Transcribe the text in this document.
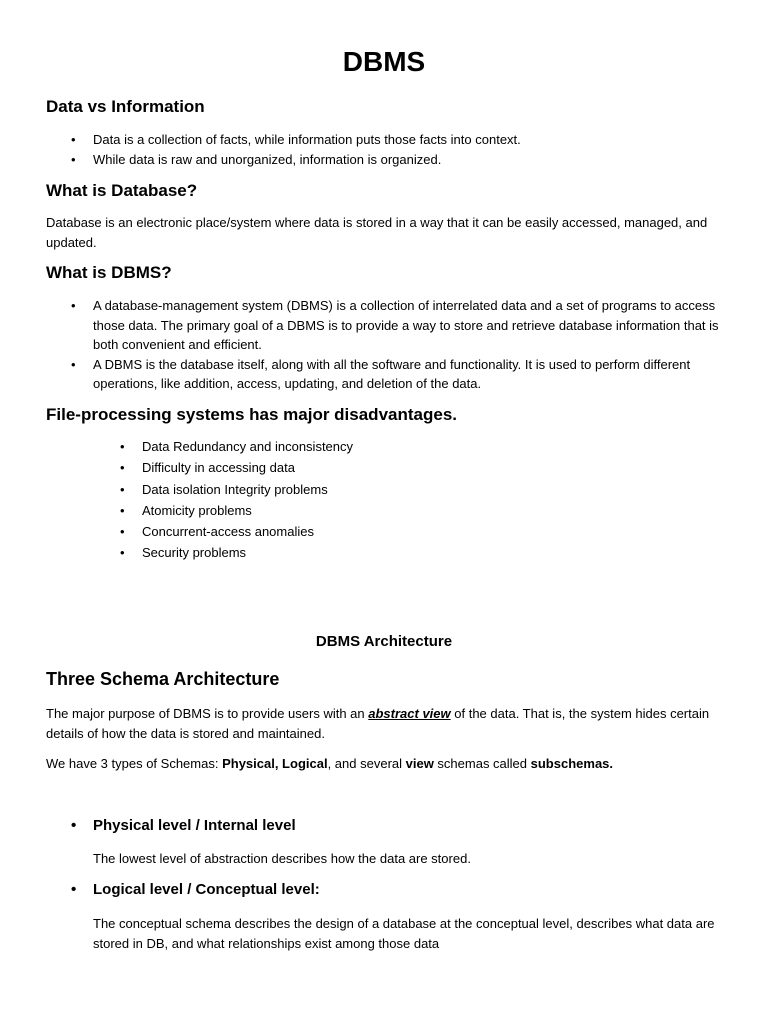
DBMS
Data vs Information
• Data is a collection of facts, while information puts those facts into context.
• While data is raw and unorganized, information is organized.
What is Database?

Database is an electronic place/system where data is stored in a way that it can be easily accessed, managed, and updated.

What is DBMS?
• A database-management system (DBMS) is a collection of interrelated data and a set of programs to access those data. The primary goal of a DBMS is to provide a way to store and retrieve database information that is both convenient and efficient.
• A DBMS is the database itself, along with all the software and functionality. It is used to perform different operations, like addition, access, updating, and deletion of the data.
File-processing systems has major disadvantages.
• Data Redundancy and inconsistency
• Difficulty in accessing data
• Data isolation Integrity problems
• Atomicity problems
• Concurrent-access anomalies
• Security problems
DBMS Architecture
Three Schema Architecture

The major purpose of DBMS is to provide users with an abstract view of the data. That is, the system hides certain details of how the data is stored and maintained.

We have 3 types of Schemas: Physical, Logical, and several view schemas called subschemas.

• Physical level / Internal level

The lowest level of abstraction describes how the data are stored.

• Logical level / Conceptual level:

The conceptual schema describes the design of a database at the conceptual level, describes what data are stored in DB, and what relationships exist among those data
